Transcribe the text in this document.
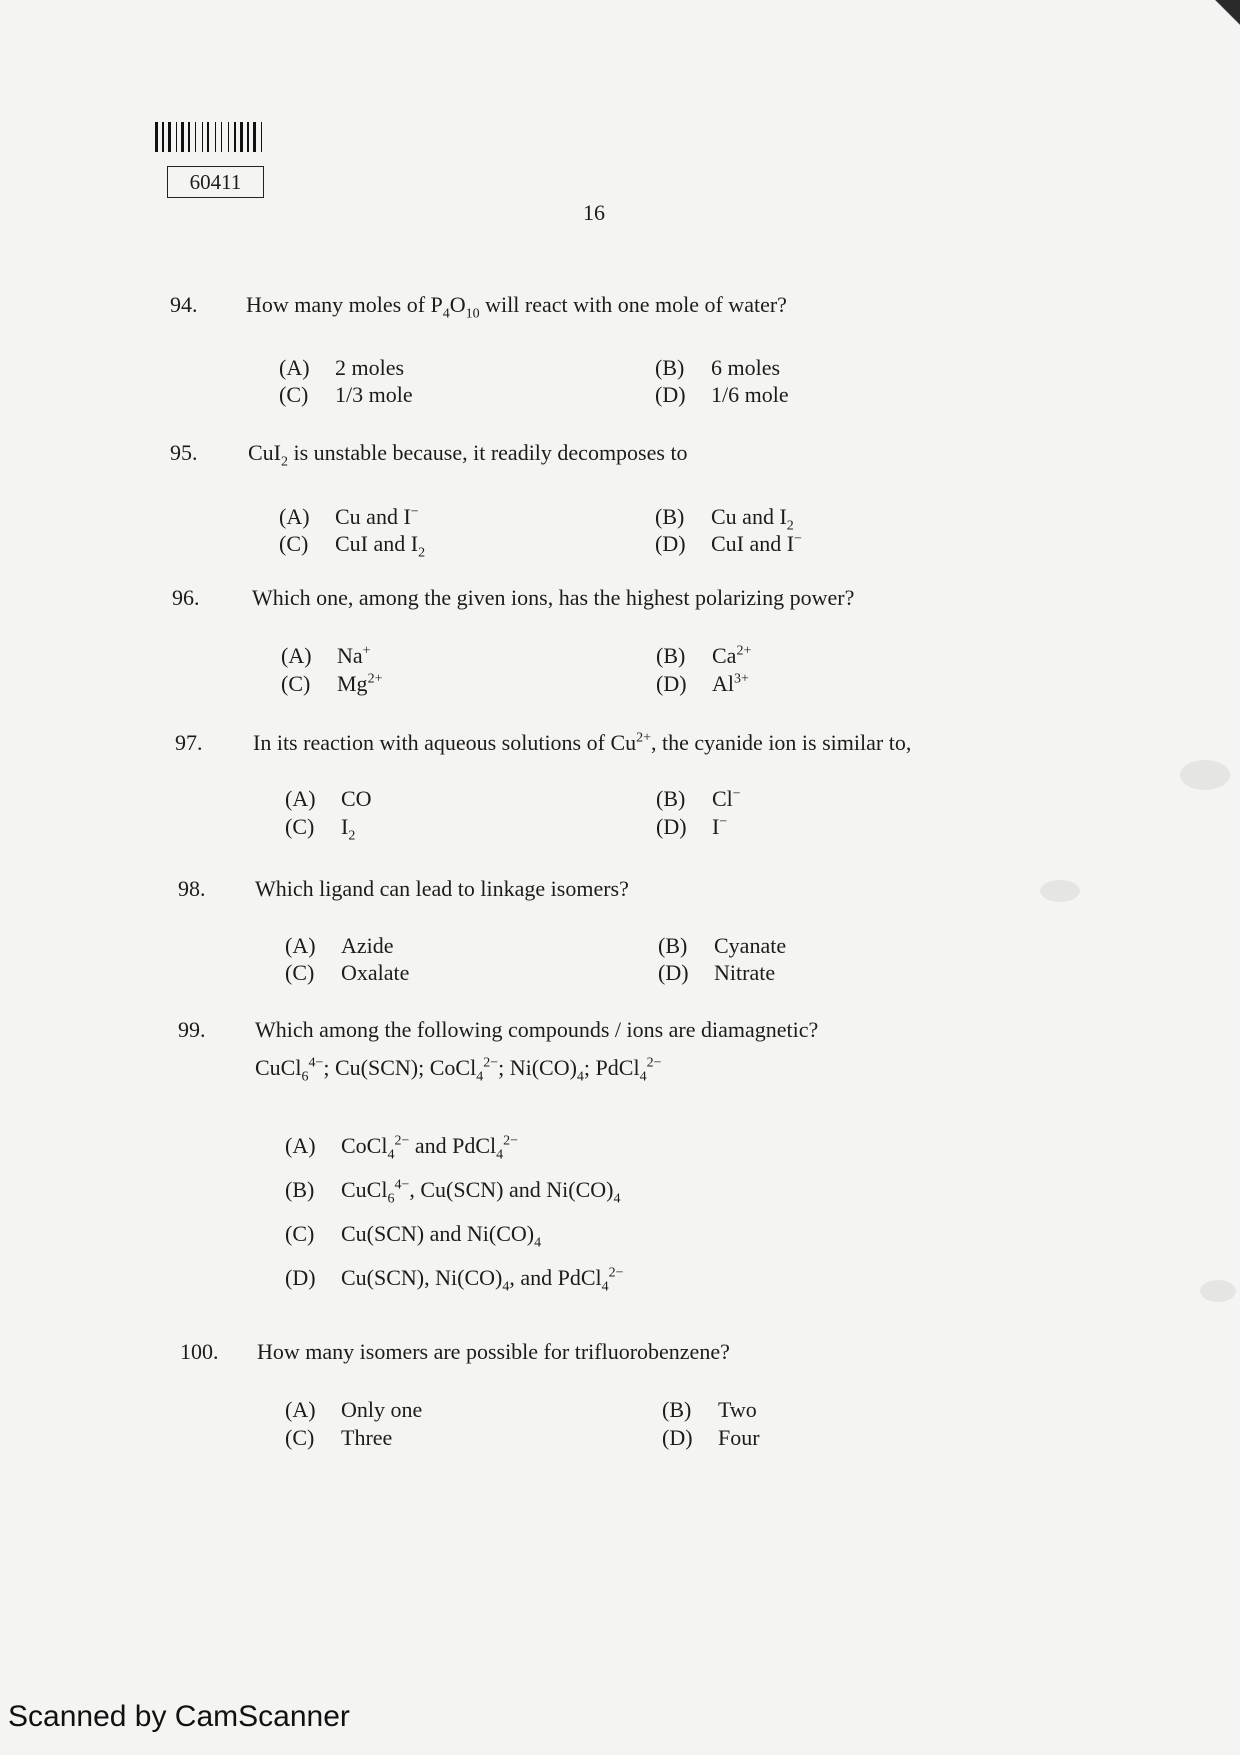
60411
16
94. How many moles of $P_4O_{10}$ will react with one mole of water?
(A) 2 moles	(B) 6 moles
(C) 1/3 mole	(D) 1/6 mole
95. CuI$_2$ is unstable because, it readily decomposes to
(A) Cu and I−	(B) Cu and $I_2$
(C) CuI and $I_2$	(D) CuI and I−
96. Which one, among the given ions, has the highest polarizing power?
(A) Na+	(B) $Ca^{2+}$
(C) $Mg^{2+}$	(D) $Al^{3+}$
97. In its reaction with aqueous solutions of $Cu^{2+}$, the cyanide ion is similar to,
(A) CO	(B) Cl−
(C) $I_2$	(D) I−
98. Which ligand can lead to linkage isomers?
(A) Azide	(B) Cyanate
(C) Oxalate	(D) Nitrate
99. Which among the following compounds / ions are diamagnetic?
CuCl$_6^{4-}$; Cu(SCN); CoCl$_4^{2-}$; $Ni(CO)_4$; PdCl$_4^{2-}$
(A) CoCl$_4^{2-}$ and PdCl$_4^{2-}$
(B) CuCl$_6^{4-}$, Cu(SCN) and $Ni(CO)_4$
(C) Cu(SCN) and $Ni(CO)_4$
(D) Cu(SCN), $Ni(CO)_4$, and PdCl$_4^{2-}$
100. How many isomers are possible for trifluorobenzene?
(A) Only one	(B) Two
(C) Three	(D) Four
Scanned by CamScanner
